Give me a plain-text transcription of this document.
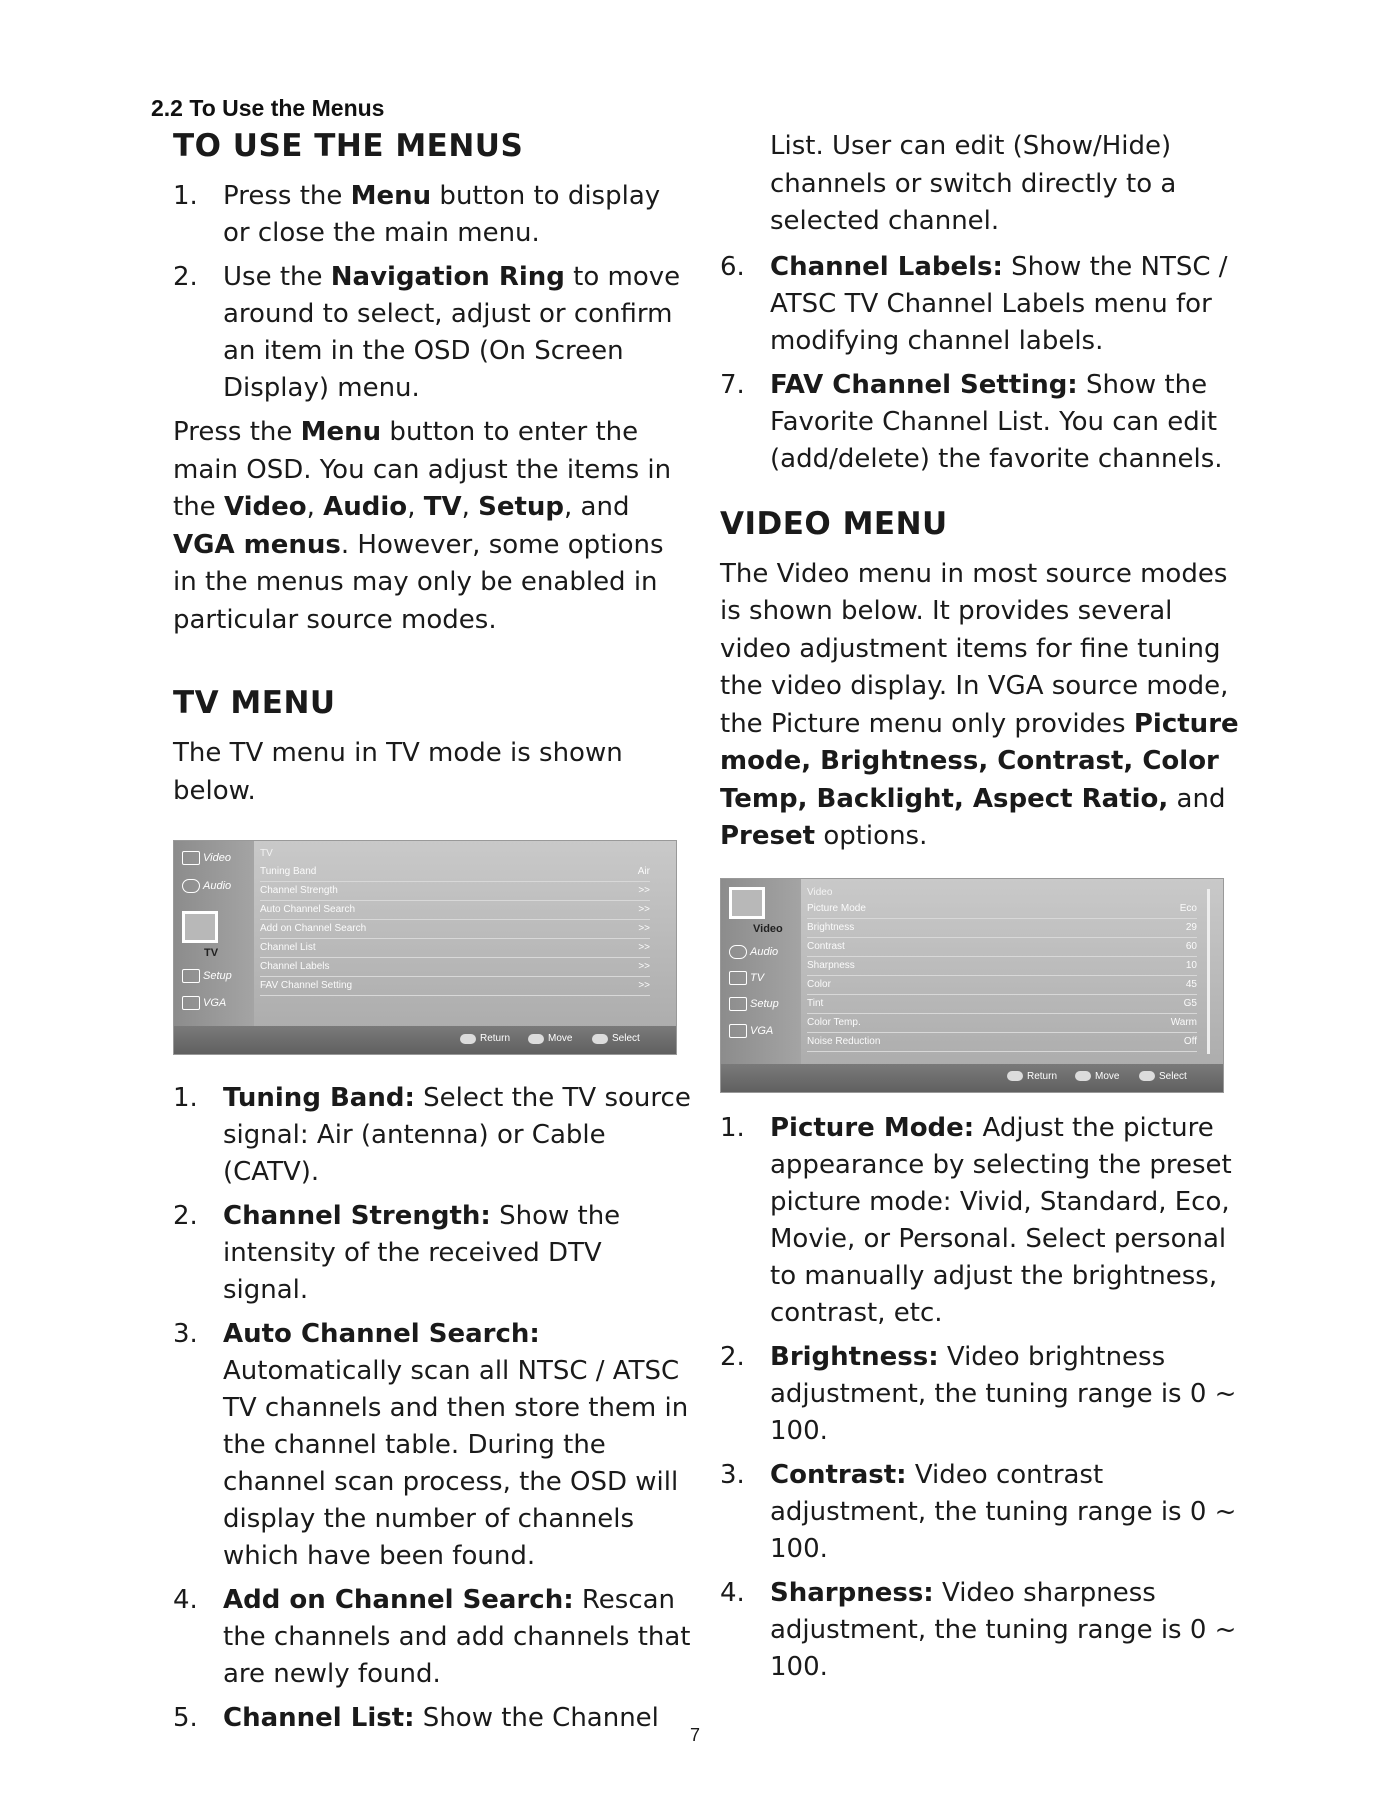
2.2 To Use the Menus
TO USE THE MENUS
1. Press the Menu button to display or close the main menu.
2. Use the Navigation Ring to move around to select, adjust or confirm an item in the OSD (On Screen Display) menu.

Press the Menu button to enter the main OSD. You can adjust the items in the Video, Audio, TV, Setup, and VGA menus. However, some options in the menus may only be enabled in particular source modes.

TV MENU

The TV menu in TV mode is shown below.

Video
Audio
TV
Setup
VGA
TV
Tuning Band	Air
Channel Strength	>>
Auto Channel Search	>>
Add on Channel Search	>>
Channel List	>>
Channel Labels	>>
FAV Channel Setting	>>
Return	Move	Select
1. Tuning Band: Select the TV source signal: Air (antenna) or Cable (CATV).
2. Channel Strength: Show the intensity of the received DTV signal.
3. Auto Channel Search: Automatically scan all NTSC / ATSC TV channels and then store them in the channel table. During the channel scan process, the OSD will display the number of channels which have been found.
4. Add on Channel Search: Rescan the channels and add channels that are newly found.
5. Channel List: Show the Channel

List. User can edit (Show/Hide) channels or switch directly to a selected channel.

6. Channel Labels: Show the NTSC / ATSC TV Channel Labels menu for modifying channel labels.
7. FAV Channel Setting: Show the Favorite Channel List. You can edit (add/delete) the favorite channels.
VIDEO MENU

The Video menu in most source modes is shown below. It provides several video adjustment items for fine tuning the video display. In VGA source mode, the Picture menu only provides Picture mode, Brightness, Contrast, Color Temp, Backlight, Aspect Ratio, and Preset options.

Video
Audio
TV
Setup
VGA
Video
Picture Mode	Eco
Brightness	29
Contrast	60
Sharpness	10
Color	45
Tint	G5
Color Temp.	Warm
Noise Reduction	Off
Return	Move	Select
1. Picture Mode: Adjust the picture appearance by selecting the preset picture mode: Vivid, Standard, Eco, Movie, or Personal. Select personal to manually adjust the brightness, contrast, etc.
2. Brightness: Video brightness adjustment, the tuning range is 0 ~ 100.
3. Contrast: Video contrast adjustment, the tuning range is 0 ~ 100.
4. Sharpness: Video sharpness adjustment, the tuning range is 0 ~ 100.
7
